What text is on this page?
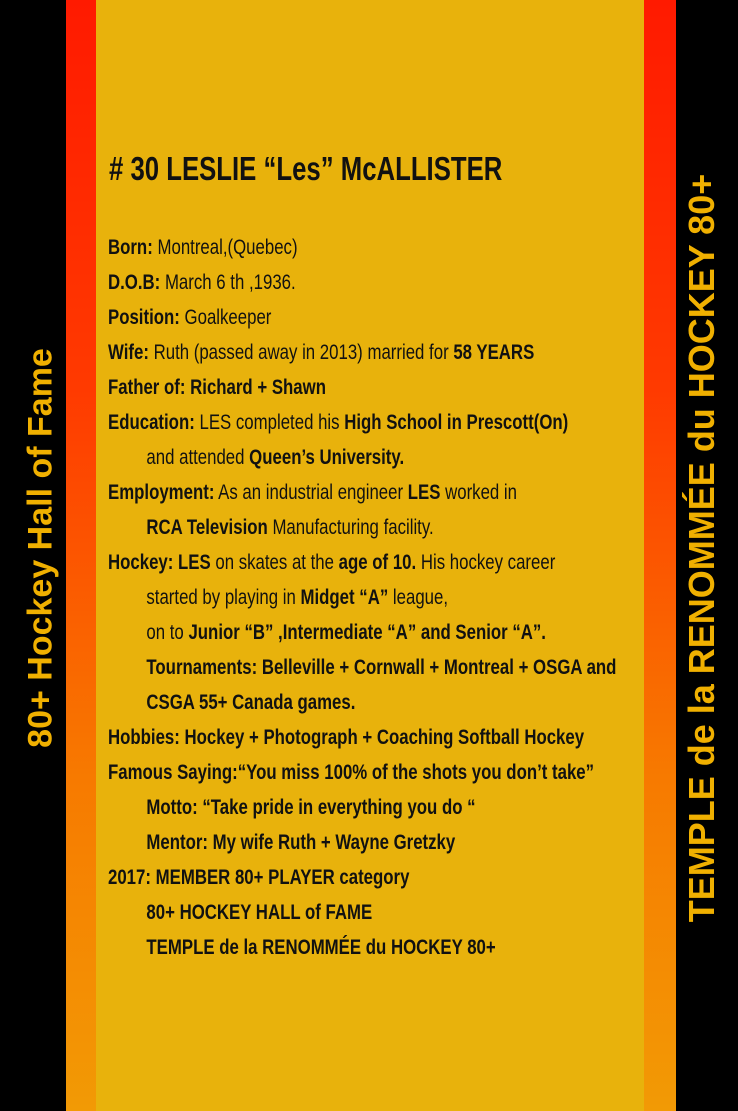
80+ Hockey Hall of Fame	TEMPLE de la RENOMMÉE du HOCKEY 80+
# 30 LESLIE “Les” McALLISTER
Born: Montreal,(Quebec)
D.O.B: March 6 th ,1936.
Position: Goalkeeper
Wife: Ruth (passed away in 2013) married for 58 YEARS
Father of: Richard + Shawn
Education: LES completed his High School in Prescott(On)
and attended Queen’s University.
Employment: As an industrial engineer LES worked in
RCA Television Manufacturing facility.
Hockey: LES on skates at the age of 10. His hockey career
started by playing in Midget “A” league,
on to Junior “B” ,Intermediate “A” and Senior “A”.
Tournaments: Belleville + Cornwall + Montreal + OSGA and
CSGA 55+ Canada games.
Hobbies: Hockey + Photograph + Coaching Softball Hockey
Famous Saying:“You miss 100% of the shots you don’t take”
Motto: “Take pride in everything you do “
Mentor: My wife Ruth + Wayne Gretzky
2017: MEMBER 80+ PLAYER category
80+ HOCKEY HALL of FAME
TEMPLE de la RENOMMÉE du HOCKEY 80+
